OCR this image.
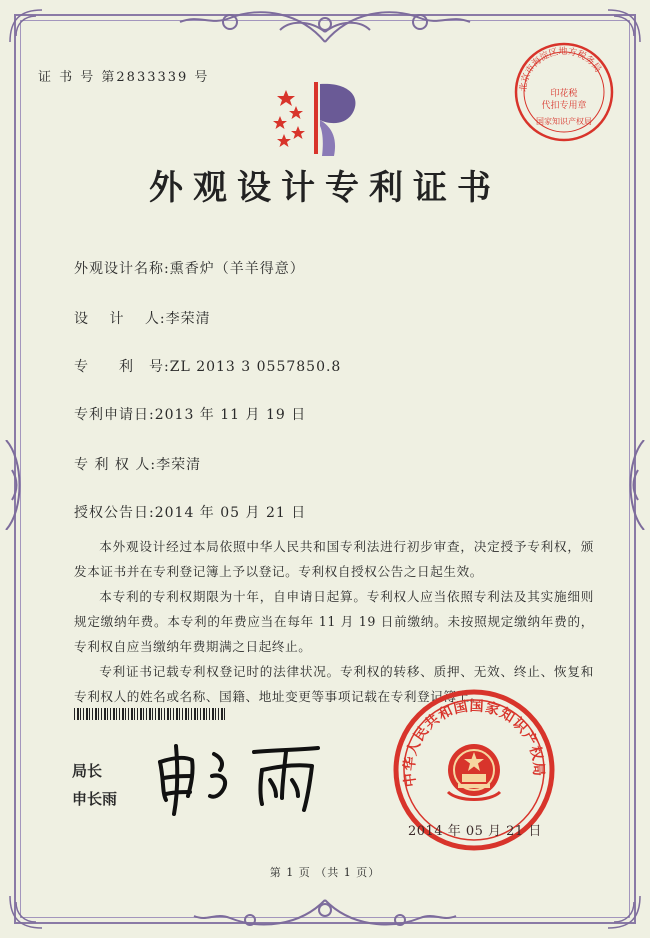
证 书 号 第2833339 号
北京市海淀区地方税务局
印花税
代扣专用章
国家知识产权局
外观设计专利证书
外观设计名称:熏香炉（羊羊得意）
设　 计　 人:李荣清
专　　利　号:ZL 2013 3 0557850.8
专利申请日:2013 年 11 月 19 日
专 利 权 人:李荣清
授权公告日:2014 年 05 月 21 日

本外观设计经过本局依照中华人民共和国专利法进行初步审查，决定授予专利权，颁发本证书并在专利登记簿上予以登记。专利权自授权公告之日起生效。

本专利的专利权期限为十年，自申请日起算。专利权人应当依照专利法及其实施细则规定缴纳年费。本专利的年费应当在每年 11 月 19 日前缴纳。未按照规定缴纳年费的，专利权自应当缴纳年费期满之日起终止。

专利证书记载专利权登记时的法律状况。专利权的转移、质押、无效、终止、恢复和专利权人的姓名或名称、国籍、地址变更等事项记载在专利登记簿上。

局长
申长雨
中华人民共和国国家知识产权局
2014 年 05 月 21 日
第 1 页 （共 1 页）
